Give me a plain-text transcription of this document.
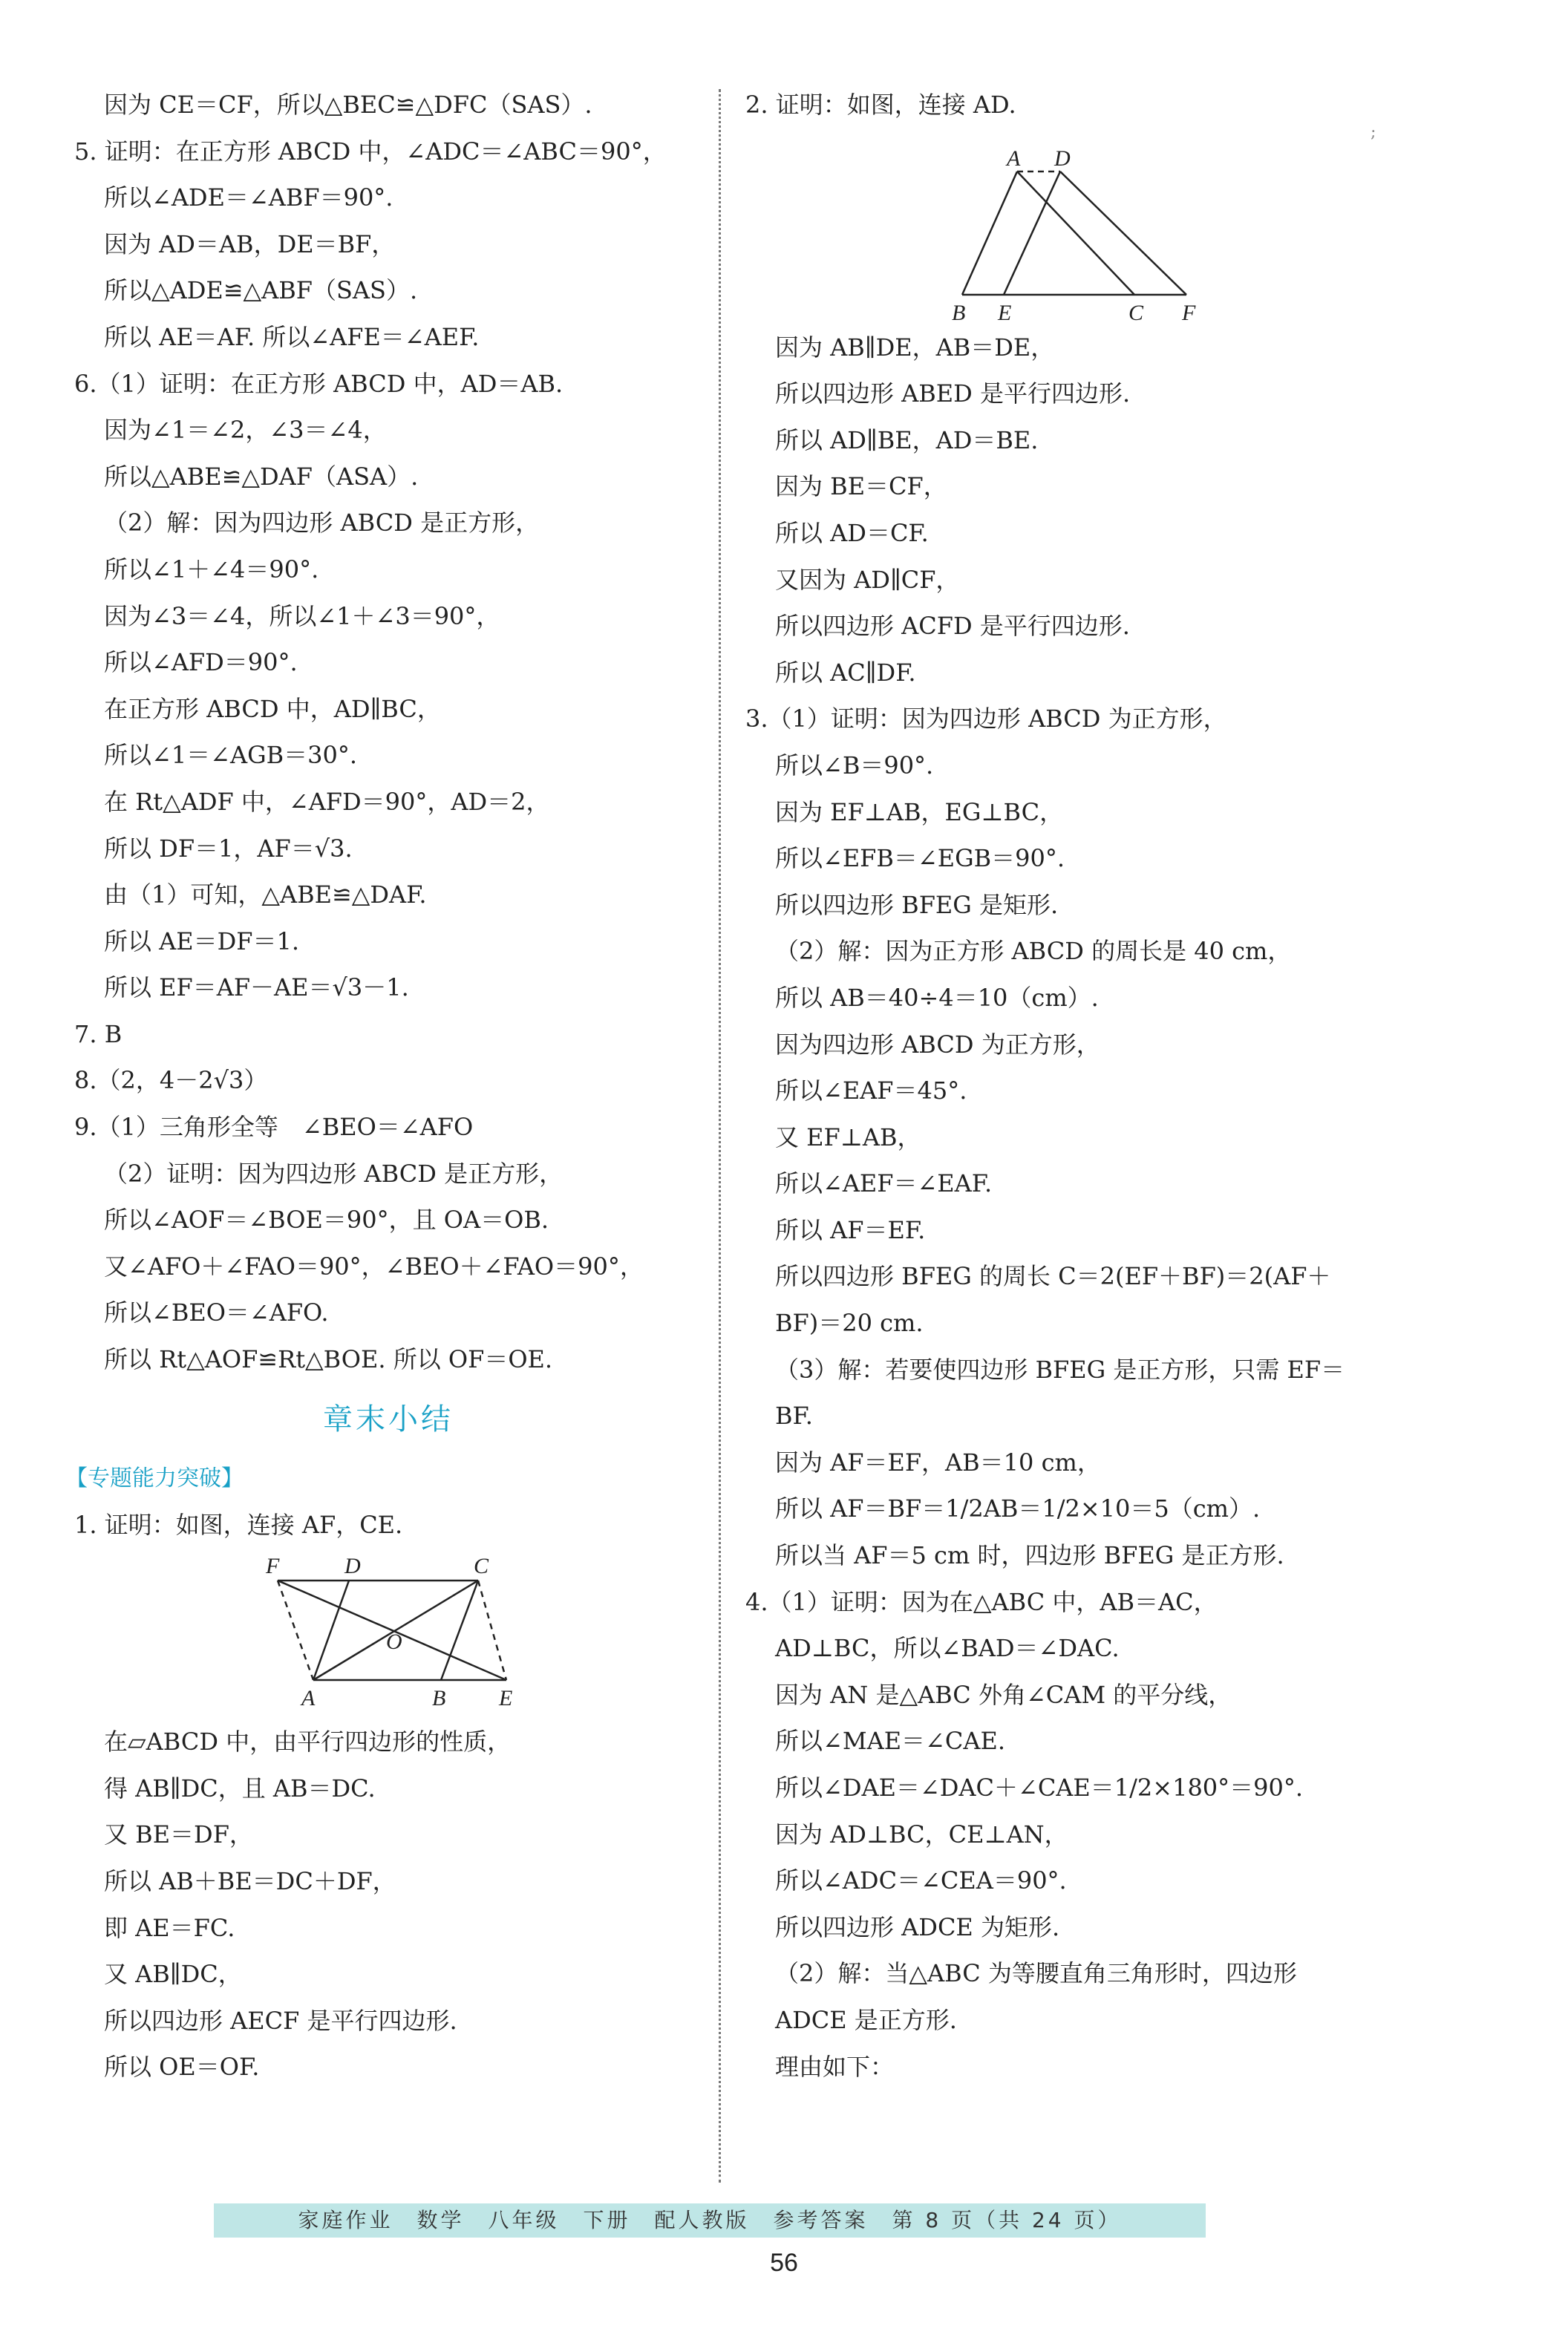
;
因为 CE＝CF，所以△BEC≌△DFC（SAS）.
5. 证明：在正方形 ABCD 中，∠ADC＝∠ABC＝90°，
所以∠ADE＝∠ABF＝90°.
因为 AD＝AB，DE＝BF，
所以△ADE≌△ABF（SAS）.
所以 AE＝AF. 所以∠AFE＝∠AEF.
6.（1）证明：在正方形 ABCD 中，AD＝AB.
因为∠1＝∠2，∠3＝∠4，
所以△ABE≌△DAF（ASA）.
（2）解：因为四边形 ABCD 是正方形，
所以∠1＋∠4＝90°.
因为∠3＝∠4，所以∠1＋∠3＝90°，
所以∠AFD＝90°.
在正方形 ABCD 中，AD∥BC，
所以∠1＝∠AGB＝30°.
在 Rt△ADF 中，∠AFD＝90°，AD＝2，
所以 DF＝1，AF＝√3.
由（1）可知，△ABE≌△DAF.
所以 AE＝DF＝1.
所以 EF＝AF－AE＝√3－1.
7. B
8.（2，4－2√3）
9.（1）三角形全等　∠BEO＝∠AFO
（2）证明：因为四边形 ABCD 是正方形，
所以∠AOF＝∠BOE＝90°，且 OA＝OB.
又∠AFO＋∠FAO＝90°，∠BEO＋∠FAO＝90°，
所以∠BEO＝∠AFO.
所以 Rt△AOF≌Rt△BOE. 所以 OF＝OE.
章末小结
【专题能力突破】
1. 证明：如图，连接 AF，CE.
F	D	C
O
A	B E
在▱ABCD 中，由平行四边形的性质，
得 AB∥DC，且 AB＝DC.
又 BE＝DF，
所以 AB＋BE＝DC＋DF，
即 AE＝FC.
又 AB∥DC，
所以四边形 AECF 是平行四边形.
所以 OE＝OF.
2. 证明：如图，连接 AD.
A D
B E	C F
因为 AB∥DE，AB＝DE，
所以四边形 ABED 是平行四边形.
所以 AD∥BE，AD＝BE.
因为 BE＝CF，
所以 AD＝CF.
又因为 AD∥CF，
所以四边形 ACFD 是平行四边形.
所以 AC∥DF.
3.（1）证明：因为四边形 ABCD 为正方形，
所以∠B＝90°.
因为 EF⊥AB，EG⊥BC，
所以∠EFB＝∠EGB＝90°.
所以四边形 BFEG 是矩形.
（2）解：因为正方形 ABCD 的周长是 40 cm，
所以 AB＝40÷4＝10（cm）.
因为四边形 ABCD 为正方形，
所以∠EAF＝45°.
又 EF⊥AB，
所以∠AEF＝∠EAF.
所以 AF＝EF.
所以四边形 BFEG 的周长 C＝2(EF＋BF)＝2(AF＋
BF)＝20 cm.
（3）解：若要使四边形 BFEG 是正方形，只需 EF＝
BF.
因为 AF＝EF，AB＝10 cm，
所以 AF＝BF＝1/2AB＝1/2×10＝5（cm）.
所以当 AF＝5 cm 时，四边形 BFEG 是正方形.
4.（1）证明：因为在△ABC 中，AB＝AC，
AD⊥BC，所以∠BAD＝∠DAC.
因为 AN 是△ABC 外角∠CAM 的平分线，
所以∠MAE＝∠CAE.
所以∠DAE＝∠DAC＋∠CAE＝1/2×180°＝90°.
因为 AD⊥BC，CE⊥AN，
所以∠ADC＝∠CEA＝90°.
所以四边形 ADCE 为矩形.
（2）解：当△ABC 为等腰直角三角形时，四边形
ADCE 是正方形.
理由如下：
家庭作业　数学　八年级　下册　配人教版　参考答案　第 8 页（共 24 页）
56
